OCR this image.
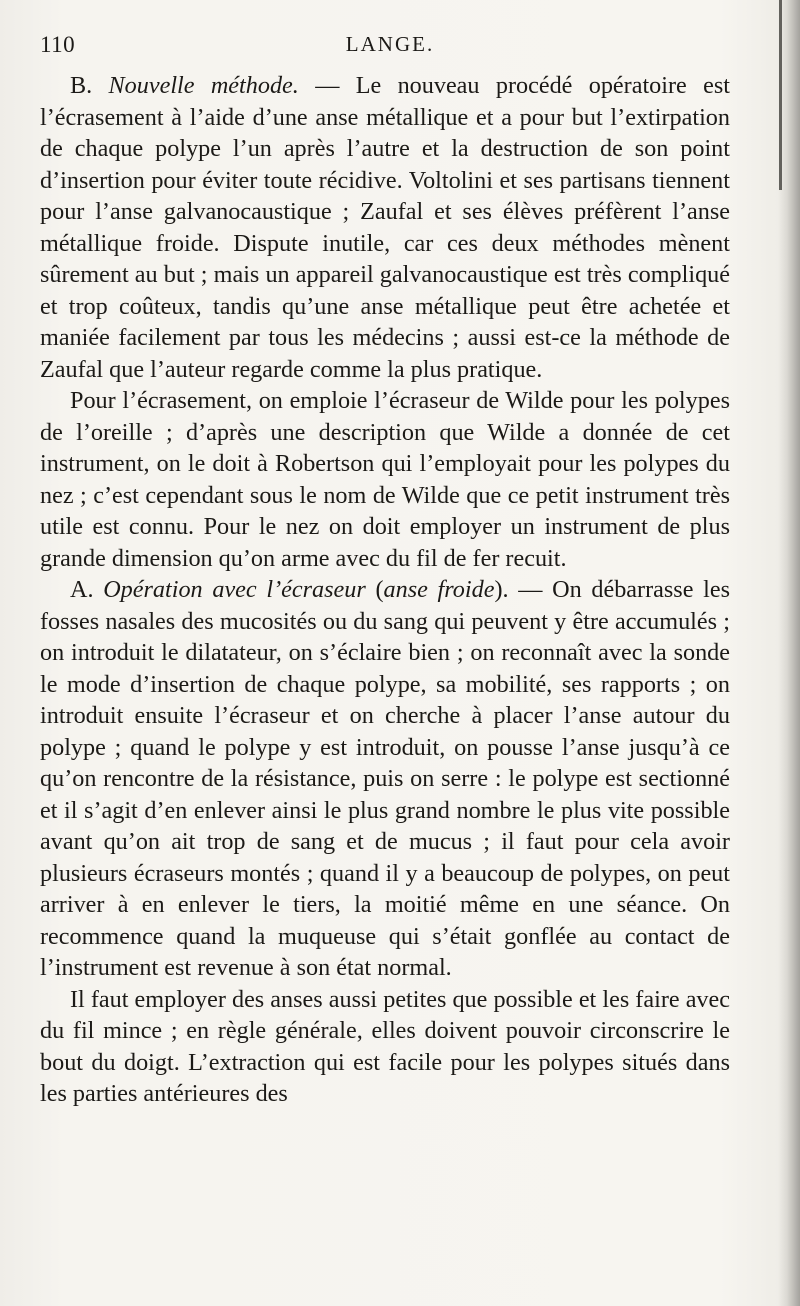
110	LANGE.

B. Nouvelle méthode. — Le nouveau procédé opératoire est l’écrasement à l’aide d’une anse métallique et a pour but l’extirpation de chaque polype l’un après l’autre et la destruction de son point d’insertion pour éviter toute récidive. Voltolini et ses partisans tiennent pour l’anse galvanocaustique ; Zaufal et ses élèves préfèrent l’anse métallique froide. Dispute inutile, car ces deux méthodes mènent sûrement au but ; mais un appareil galvanocaustique est très compliqué et trop coûteux, tandis qu’une anse métallique peut être achetée et maniée facilement par tous les médecins ; aussi est-ce la méthode de Zaufal que l’auteur regarde comme la plus pratique.

Pour l’écrasement, on emploie l’écraseur de Wilde pour les polypes de l’oreille ; d’après une description que Wilde a donnée de cet instrument, on le doit à Robertson qui l’employait pour les polypes du nez ; c’est cependant sous le nom de Wilde que ce petit instrument très utile est connu. Pour le nez on doit employer un instrument de plus grande dimension qu’on arme avec du fil de fer recuit.

A. Opération avec l’écraseur (anse froide). — On débarrasse les fosses nasales des mucosités ou du sang qui peuvent y être accumulés ; on introduit le dilatateur, on s’éclaire bien ; on reconnaît avec la sonde le mode d’insertion de chaque polype, sa mobilité, ses rapports ; on introduit ensuite l’écraseur et on cherche à placer l’anse autour du polype ; quand le polype y est introduit, on pousse l’anse jusqu’à ce qu’on rencontre de la résistance, puis on serre : le polype est sectionné et il s’agit d’en enlever ainsi le plus grand nombre le plus vite possible avant qu’on ait trop de sang et de mucus ; il faut pour cela avoir plusieurs écraseurs montés ; quand il y a beaucoup de polypes, on peut arriver à en enlever le tiers, la moitié même en une séance. On recommence quand la muqueuse qui s’était gonflée au contact de l’instrument est revenue à son état normal.

Il faut employer des anses aussi petites que possible et les faire avec du fil mince ; en règle générale, elles doivent pouvoir circonscrire le bout du doigt. L’extraction qui est facile pour les polypes situés dans les parties antérieures des
